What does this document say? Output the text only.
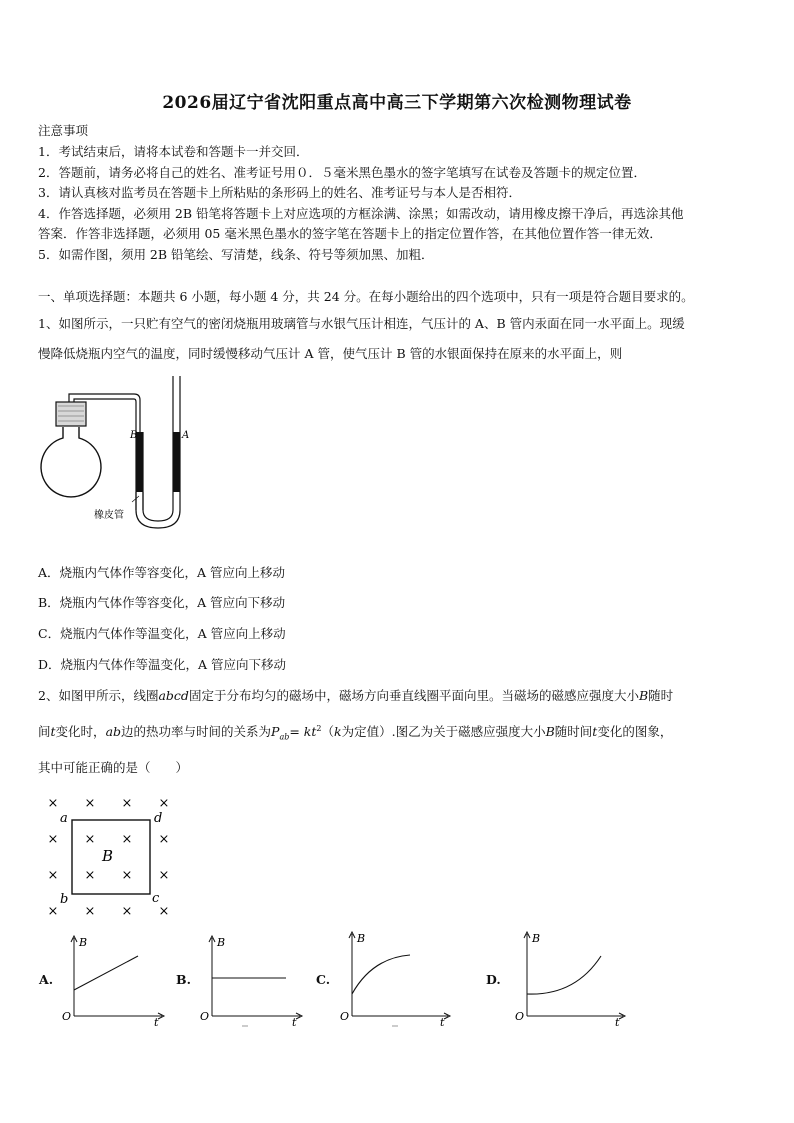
2026届辽宁省沈阳重点高中高三下学期第六次检测物理试卷
注意事项
1．考试结束后，请将本试卷和答题卡一并交回．
2．答题前，请务必将自己的姓名、准考证号用０．５毫米黑色墨水的签字笔填写在试卷及答题卡的规定位置．
3．请认真核对监考员在答题卡上所粘贴的条形码上的姓名、准考证号与本人是否相符．
4．作答选择题，必须用 2B 铅笔将答题卡上对应选项的方框涂满、涂黑；如需改动，请用橡皮擦干净后，再选涂其他
答案．作答非选择题，必须用 05 毫米黑色墨水的签字笔在答题卡上的指定位置作答，在其他位置作答一律无效．
5．如需作图，须用 2B 铅笔绘、写清楚，线条、符号等须加黑、加粗．
一、单项选择题：本题共 6 小题，每小题 4 分，共 24 分。在每小题给出的四个选项中，只有一项是符合题目要求的。
1、如图所示，一只贮有空气的密闭烧瓶用玻璃管与水银气压计相连，气压计的 A、B 管内汞面在同一水平面上。现缓
慢降低烧瓶内空气的温度，同时缓慢移动气压计 A 管，使气压计 B 管的水银面保持在原来的水平面上，则
B	A
橡皮管
A．烧瓶内气体作等容变化，A 管应向上移动
B．烧瓶内气体作等容变化，A 管应向下移动
C．烧瓶内气体作等温变化，A 管应向上移动
D．烧瓶内气体作等温变化，A 管应向下移动
2、如图甲所示，线圈abcd固定于分布均匀的磁场中，磁场方向垂直线圈平面向里。当磁场的磁感应强度大小B随时
间t变化时，ab边的热功率与时间的关系为$P_{ab}= kt^2(k$为定值）.图乙为关于磁感应强度大小B随时间t变化的图象，
其中可能正确的是（　　）
× × × ×
× × × ×
× × × ×
× × × ×
a	d
b	c
B
A.
B
t
O
B.
B
t
O
C.
B
t
O
D.
B
t
O
